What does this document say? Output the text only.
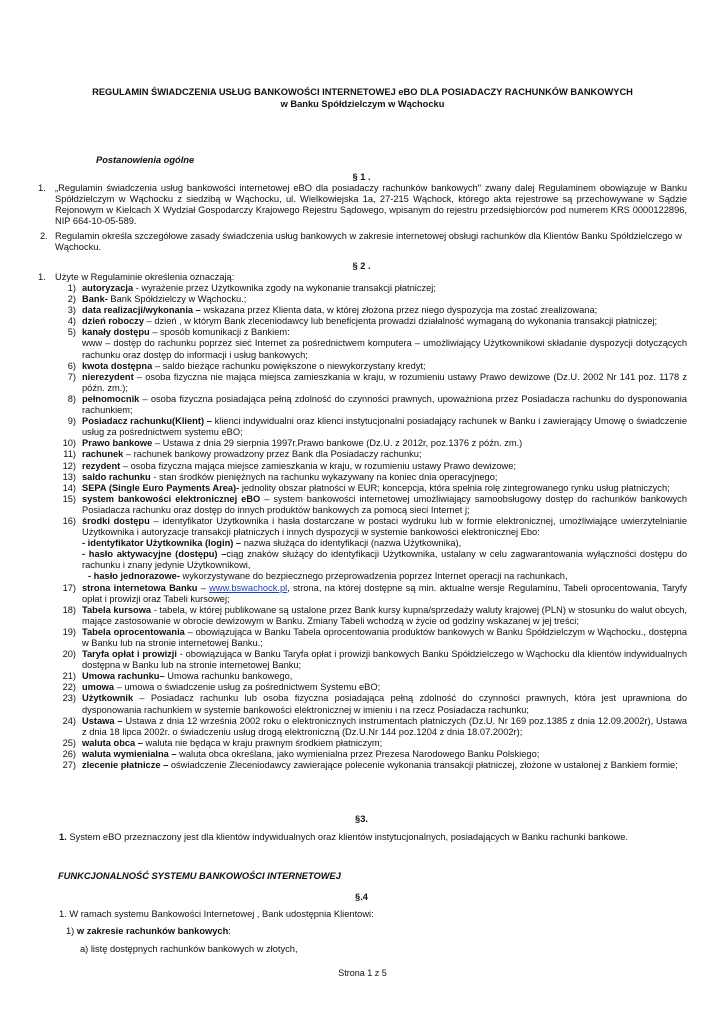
REGULAMIN ŚWIADCZENIA USŁUG BANKOWOŚCI INTERNETOWEJ eBO DLA POSIADACZY RACHUNKÓW BANKOWYCH
w Banku Spółdzielczym w Wąchocku
Postanowienia ogólne
§ 1 .
1. „Regulamin świadczenia usług bankowości internetowej eBO dla posiadaczy rachunków bankowych" zwany dalej Regulaminem obowiązuje w Banku Spółdzielczym w Wąchocku z siedzibą w Wąchocku, ul. Wielkowiejska 1a, 27-215 Wąchock, którego akta rejestrowe są przechowywane w Sądzie Rejonowym w Kielcach X Wydział Gospodarczy Krajowego Rejestru Sądowego, wpisanym do rejestru przedsiębiorców pod numerem KRS 0000122896, NIP 664-10-05-589.
2. Regulamin określa szczegółowe zasady świadczenia usług bankowych w zakresie internetowej obsługi rachunków dla Klientów Banku Spółdzielczego w Wąchocku.
§ 2 .
1. Użyte w Regulaminie określenia oznaczają:
1) autoryzacja - wyrażenie przez Użytkownika zgody na wykonanie transakcji płatniczej;
2) Bank- Bank Spółdzielczy w Wąchocku.;
3) data realizacji/wykonania – wskazana przez Klienta data, w której złożona przez niego dyspozycja ma zostać zrealizowana;
4) dzień roboczy – dzień , w którym Bank zleceniodawcy lub beneficjenta prowadzi działalność wymaganą do wykonania transakcji płatniczej;
5) kanały dostępu – sposób komunikacji z Bankiem:
www – dostęp do rachunku poprzez sieć Internet za pośrednictwem komputera – umożliwiający Użytkownikowi składanie dyspozycji dotyczących rachunku oraz dostęp do informacji i usług bankowych;
6) kwota dostępna – saldo bieżące rachunku powiększone o niewykorzystany kredyt;
7) nierezydent – osoba fizyczna nie mająca miejsca zamieszkania w kraju, w rozumieniu ustawy Prawo dewizowe (Dz.U. 2002 Nr 141 poz. 1178 z późn. zm.);
8) pełnomocnik – osoba fizyczna posiadająca pełną zdolność do czynności prawnych, upoważniona przez Posiadacza rachunku do dysponowania rachunkiem;
9) Posiadacz rachunku(Klient) – klienci indywidualni oraz klienci instytucjonalni posiadający rachunek w Banku i zawierający Umowę o świadczenie usług za pośrednictwem systemu eBO;
10) Prawo bankowe – Ustawa z dnia 29 sierpnia 1997r.Prawo bankowe (Dz.U. z 2012r, poz.1376 z późn. zm.)
11) rachunek – rachunek bankowy prowadzony przez Bank dla Posiadaczy rachunku;
12) rezydent – osoba fizyczna mająca miejsce zamieszkania w kraju, w rozumieniu ustawy Prawo dewizowe;
13) saldo rachunku - stan środków pieniężnych na rachunku wykazywany na koniec dnia operacyjnego;
14) SEPA (Single Euro Payments Area)- jednolity obszar płatności w EUR; koncepcja, która spełnia rolę zintegrowanego rynku usług płatniczych;
15) system bankowości elektronicznej eBO – system bankowości internetowej umożliwiający samoobsługowy dostęp do rachunków bankowych Posiadacza rachunku oraz dostęp do innych produktów bankowych za pomocą sieci Internet j;
16) środki dostępu – identyfikator Użytkownika i hasła dostarczane w postaci wydruku lub w formie elektronicznej, umożliwiające uwierzytelnianie Użytkownika i autoryzacje transakcji płatniczych i innych dyspozycji w systemie bankowości elektronicznej Ebo:
- identyfikator Użytkownika (login) – nazwa służąca do identyfikacji (nazwa Użytkownika),
- hasło aktywacyjne (dostępu) –ciąg znaków służący do identyfikacji Użytkownika, ustalany w celu zagwarantowania wyłączności dostępu do rachunku i znany jedynie Użytkownikowi,
- hasło jednorazowe- wykorzystywane do bezpiecznego przeprowadzenia poprzez Internet operacji na rachunkach,
17) strona internetowa Banku – www.bswachock.pl, strona, na której dostępne są min. aktualne wersje Regulaminu, Tabeli oprocentowania, Taryfy opłat i prowizji oraz Tabeli kursowej;
18) Tabela kursowa - tabela, w której publikowane są ustalone przez Bank kursy kupna/sprzedaży waluty krajowej (PLN) w stosunku do walut obcych, mające zastosowanie w obrocie dewizowym w Banku. Zmiany Tabeli wchodzą w życie od godziny wskazanej w jej treści;
19) Tabela oprocentowania – obowiązująca w Banku Tabela oprocentowania produktów bankowych w Banku Spółdzielczym w Wąchocku., dostępna w Banku lub na stronie internetowej Banku.;
20) Taryfa opłat i prowizji - obowiązująca w Banku Taryfa opłat i prowizji bankowych Banku Spółdzielczego w Wąchocku dla klientów indywidualnych dostępna w Banku lub na stronie internetowej Banku;
21) Umowa rachunku– Umowa rachunku bankowego,
22) umowa – umowa o świadczenie usług za pośrednictwem Systemu eBO;
23) Użytkownik – Posiadacz rachunku lub osoba fizyczna posiadająca pełną zdolność do czynności prawnych, która jest uprawniona do dysponowania rachunkiem w systemie bankowości elektronicznej w imieniu i na rzecz Posiadacza rachunku;
24) Ustawa – Ustawa z dnia 12 września 2002 roku o elektronicznych instrumentach płatniczych (Dz.U. Nr 169 poz.1385 z dnia 12.09.2002r), Ustawa z dnia 18 lipca 2002r. o świadczeniu usług drogą elektroniczną (Dz.U.Nr 144 poz.1204 z dnia 18.07.2002r);
25) waluta obca – waluta nie będąca w kraju prawnym środkiem płatniczym;
26) waluta wymienialna – waluta obca określana, jako wymienialna przez Prezesa Narodowego Banku Polskiego;
27) zlecenie płatnicze – oświadczenie Zleceniodawcy zawierające polecenie wykonania transakcji płatniczej, złożone w ustalonej z Bankiem formie;
§3.
1. System eBO przeznaczony jest dla klientów indywidualnych oraz klientów instytucjonalnych, posiadających w Banku rachunki bankowe.
FUNKCJONALNOŚĆ SYSTEMU BANKOWOŚCI INTERNETOWEJ
§.4
1. W ramach systemu Bankowości Internetowej , Bank udostępnia Klientowi:
1) w zakresie rachunków bankowych:
a) listę dostępnych rachunków bankowych w złotych,
Strona 1 z 5
